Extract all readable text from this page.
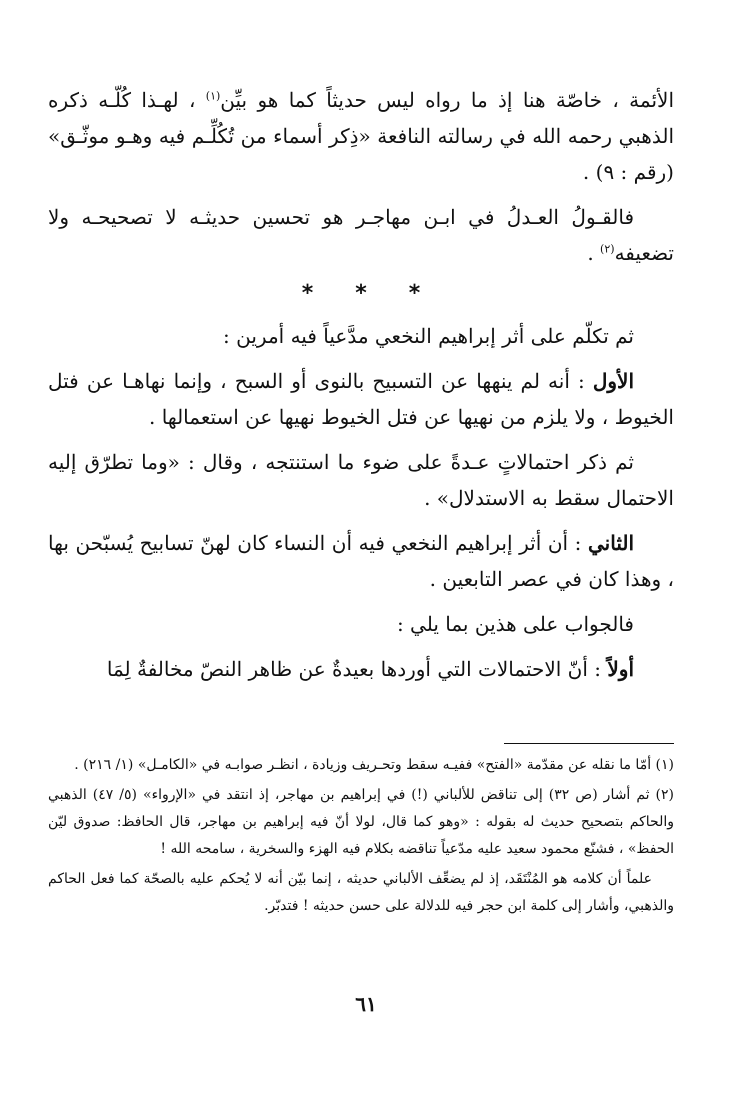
الأئمة ، خاصّة هنا إذ ما رواه ليس حديثاً كما هو بيِّن$^{(١)}$ ، لهـذا كُلّـه ذكره الذهبي رحمه الله في رسالته النافعة «ذِكر أسماء من تُكُلِّـم فيه وهـو موثّـق» (رقم : ٩) .

فالقـولُ العـدلُ في ابـن مهاجـر هو تحسين حديثـه لا تصحيحـه ولا تضعيفه$^{(٢)}$ .

*
*
*

ثم تكلّم على أثر إبراهيم النخعي مدَّعياً فيه أمرين :

الأول : أنه لم ينهها عن التسبيح بالنوى أو السبح ، وإنما نهاهـا عن فتل الخيوط ، ولا يلزم من نهيها عن فتل الخيوط نهيها عن استعمالها .

ثم ذكر احتمالاتٍ عـدةً على ضوء ما استنتجه ، وقال : «وما تطرّق إليه الاحتمال سقط به الاستدلال» .

الثاني : أن أثر إبراهيم النخعي فيه أن النساء كان لهنّ تسابيح يُسبّحن بها ، وهذا كان في عصر التابعين .

فالجواب على هذين بما يلي :

أولاً : أنّ الاحتمالات التي أوردها بعيدةٌ عن ظاهر النصّ مخالفةٌ لِمَا

(١) أمّا ما نقله عن مقدّمة «الفتح» ففيـه سقط وتحـريف وزيادة ، انظـر صوابـه في «الكامـل» (١/ ٢١٦) .

(٢) ثم أشار (ص ٣٢) إلى تناقض للألباني (!) في إبراهيم بن مهاجر، إذ انتقد في «الإرواء» (٥/ ٤٧) الذهبي والحاكم بتصحيح حديث له بقوله : «وهو كما قال، لولا أنّ فيه إبراهيم بن مهاجر، قال الحافظ: صدوق ليّن الحفظ» ، فشنّع محمود سعيد عليه مدّعياً تناقضه بكلام فيه الهزء والسخرية ، سامحه الله !

علماً أن كلامه هو المُنْتَقَد، إذ لم يضعِّف الألباني حديثه ، إنما بيّن أنه لا يُحكم عليه بالصحّة كما فعل الحاكم والذهبي، وأشار إلى كلمة ابن حجر فيه للدلالة على حسن حديثه ! فتدبّر.

٦١
